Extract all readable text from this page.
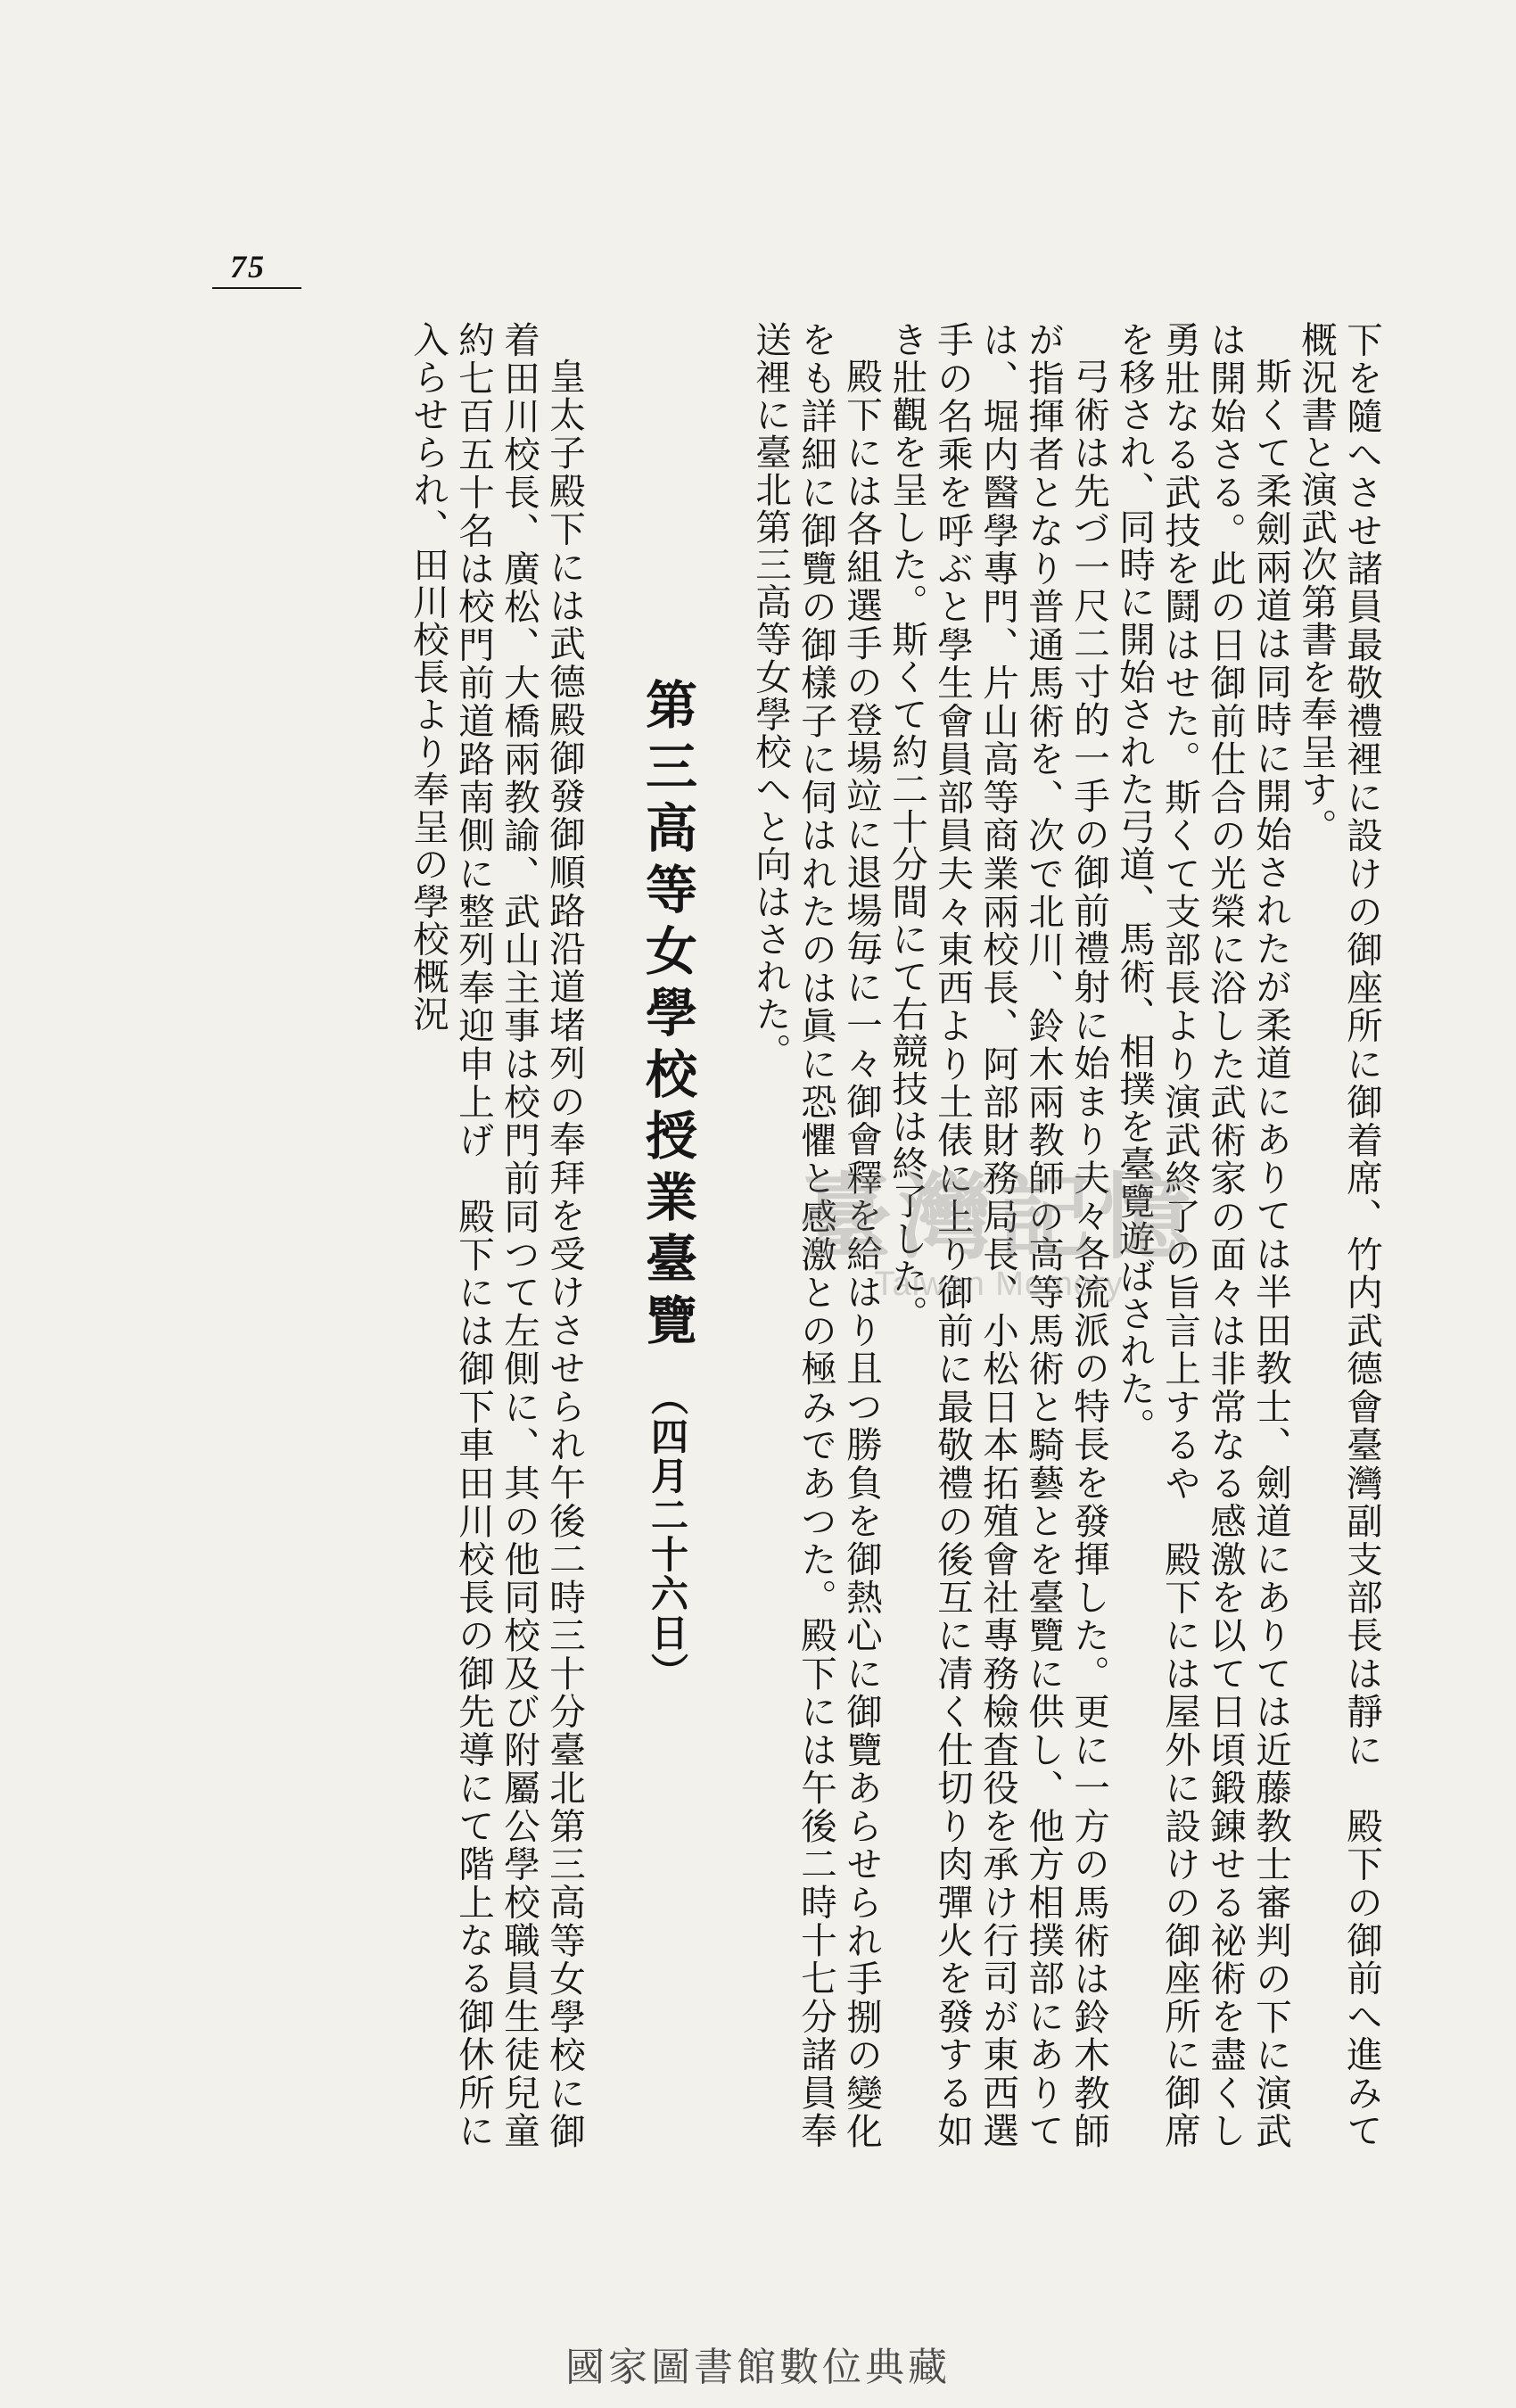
75

下を隨へさせ諸員最敬禮裡に設けの御座所に御着席、竹内武德會臺灣副支部長は靜に　殿下の御前へ進みて概況書と演武次第書を奉呈す。

斯くて柔劍兩道は同時に開始されたが柔道にありては半田教士、劍道にありては近藤教士審判の下に演武は開始さる。此の日御前仕合の光榮に浴した武術家の面々は非常なる感激を以て日頃鍛錬せる祕術を盡くし勇壯なる武技を鬪はせた。斯くて支部長より演武終了の旨言上するや　殿下には屋外に設けの御座所に御席を移され、同時に開始された弓道、馬術、相撲を臺覽遊ばされた。

弓術は先づ一尺二寸的一手の御前禮射に始まり夫々各流派の特長を發揮した。更に一方の馬術は鈴木教師が指揮者となり普通馬術を、次で北川、鈴木兩教師の高等馬術と騎藝とを臺覽に供し、他方相撲部にありては、堀内醫學專門、片山高等商業兩校長、阿部財務局長、小松日本拓殖會社專務檢査役を承け行司が東西選手の名乘を呼ぶと學生會員部員夫々東西より土俵に上り御前に最敬禮の後互に凊く仕切り肉彈火を發する如き壯觀を呈した。斯くて約二十分間にて右競技は終了した。

殿下には各組選手の登場竝に退場毎に一々御會釋を給はり且つ勝負を御熱心に御覽あらせられ手捌の變化をも詳細に御覽の御樣子に伺はれたのは眞に恐懼と感激との極みであつた。殿下には午後二時十七分諸員奉送裡に臺北第三高等女學校へと向はされた。

第三高等女學校授業臺覽（四月二十六日）

皇太子殿下には武德殿御發御順路沿道堵列の奉拜を受けさせられ午後二時三十分臺北第三高等女學校に御着田川校長、廣松、大橋兩教諭、武山主事は校門前同つて左側に、其の他同校及び附屬公學校職員生徒兒童約七百五十名は校門前道路南側に整列奉迎申上げ　殿下には御下車田川校長の御先導にて階上なる御休所に入らせられ、田川校長より奉呈の學校概況

臺灣記憶
Taiwan Memory
國家圖書館數位典藏
